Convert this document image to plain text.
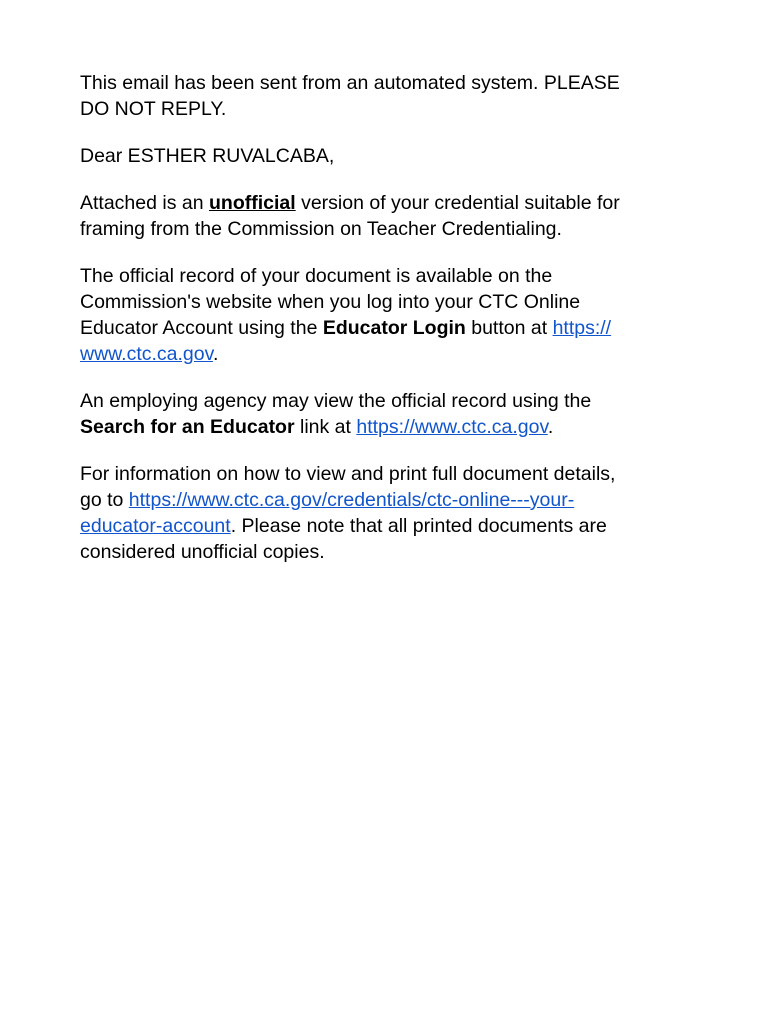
This email has been sent from an automated system. PLEASE
DO NOT REPLY.

Dear ESTHER RUVALCABA,

Attached is an unofficial version of your credential suitable for
framing from the Commission on Teacher Credentialing.

The official record of your document is available on the
Commission's website when you log into your CTC Online
Educator Account using the Educator Login button at https://
www.ctc.ca.gov.

An employing agency may view the official record using the
Search for an Educator link at https://www.ctc.ca.gov.

For information on how to view and print full document details,
go to https://www.ctc.ca.gov/credentials/ctc-online---your-
educator-account. Please note that all printed documents are
considered unofficial copies.
